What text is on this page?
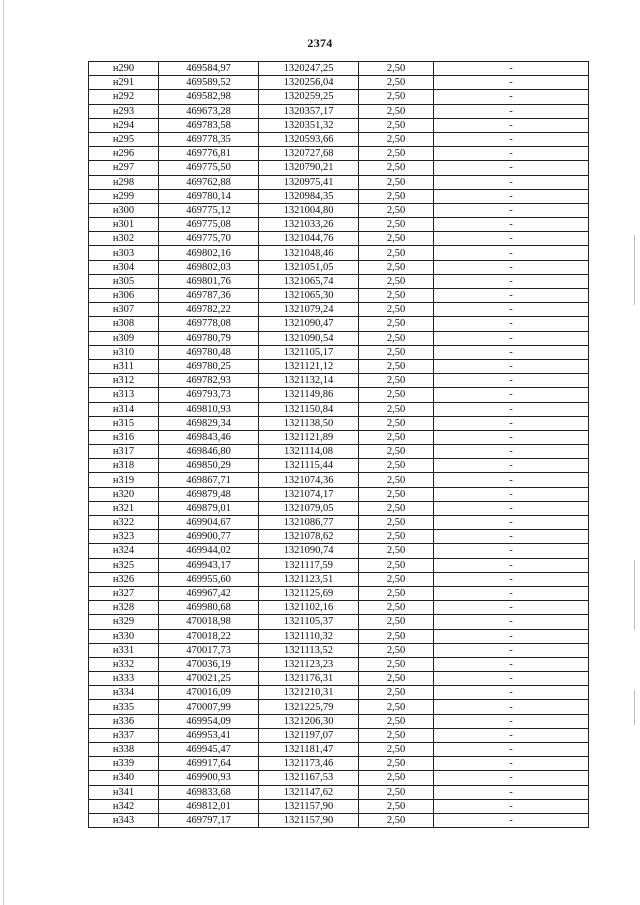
2374
н290	469584,97	1320247,25	2,50	-
н291	469589,52	1320256,04	2,50	-
н292	469582,98	1320259,25	2,50	-
н293	469673,28	1320357,17	2,50	-
н294	469783,58	1320351,32	2,50	-
н295	469778,35	1320593,66	2,50	-
н296	469776,81	1320727,68	2,50	-
н297	469775,50	1320790,21	2,50	-
н298	469762,88	1320975,41	2,50	-
н299	469780,14	1320984,35	2,50	-
н300	469775,12	1321004,80	2,50	-
н301	469775,08	1321033,26	2,50	-
н302	469775,70	1321044,76	2,50	-
н303	469802,16	1321048,46	2,50	-
н304	469802,03	1321051,05	2,50	-
н305	469801,76	1321065,74	2,50	-
н306	469787,36	1321065,30	2,50	-
н307	469782,22	1321079,24	2,50	-
н308	469778,08	1321090,47	2,50	-
н309	469780,79	1321090,54	2,50	-
н310	469780,48	1321105,17	2,50	-
н311	469780,25	1321121,12	2,50	-
н312	469782,93	1321132,14	2,50	-
н313	469793,73	1321149,86	2,50	-
н314	469810,93	1321150,84	2,50	-
н315	469829,34	1321138,50	2,50	-
н316	469843,46	1321121,89	2,50	-
н317	469846,80	1321114,08	2,50	-
н318	469850,29	1321115,44	2,50	-
н319	469867,71	1321074,36	2,50	-
н320	469879,48	1321074,17	2,50	-
н321	469879,01	1321079,05	2,50	-
н322	469904,67	1321086,77	2,50	-
н323	469900,77	1321078,62	2,50	-
н324	469944,02	1321090,74	2,50	-
н325	469943,17	1321117,59	2,50	-
н326	469955,60	1321123,51	2,50	-
н327	469967,42	1321125,69	2,50	-
н328	469980,68	1321102,16	2,50	-
н329	470018,98	1321105,37	2,50	-
н330	470018,22	1321110,32	2,50	-
н331	470017,73	1321113,52	2,50	-
н332	470036,19	1321123,23	2,50	-
н333	470021,25	1321176,31	2,50	-
н334	470016,09	1321210,31	2,50	-
н335	470007,99	1321225,79	2,50	-
н336	469954,09	1321206,30	2,50	-
н337	469953,41	1321197,07	2,50	-
н338	469945,47	1321181,47	2,50	-
н339	469917,64	1321173,46	2,50	-
н340	469900,93	1321167,53	2,50	-
н341	469833,68	1321147,62	2,50	-
н342	469812,01	1321157,90	2,50	-
н343	469797,17	1321157,90	2,50	-
